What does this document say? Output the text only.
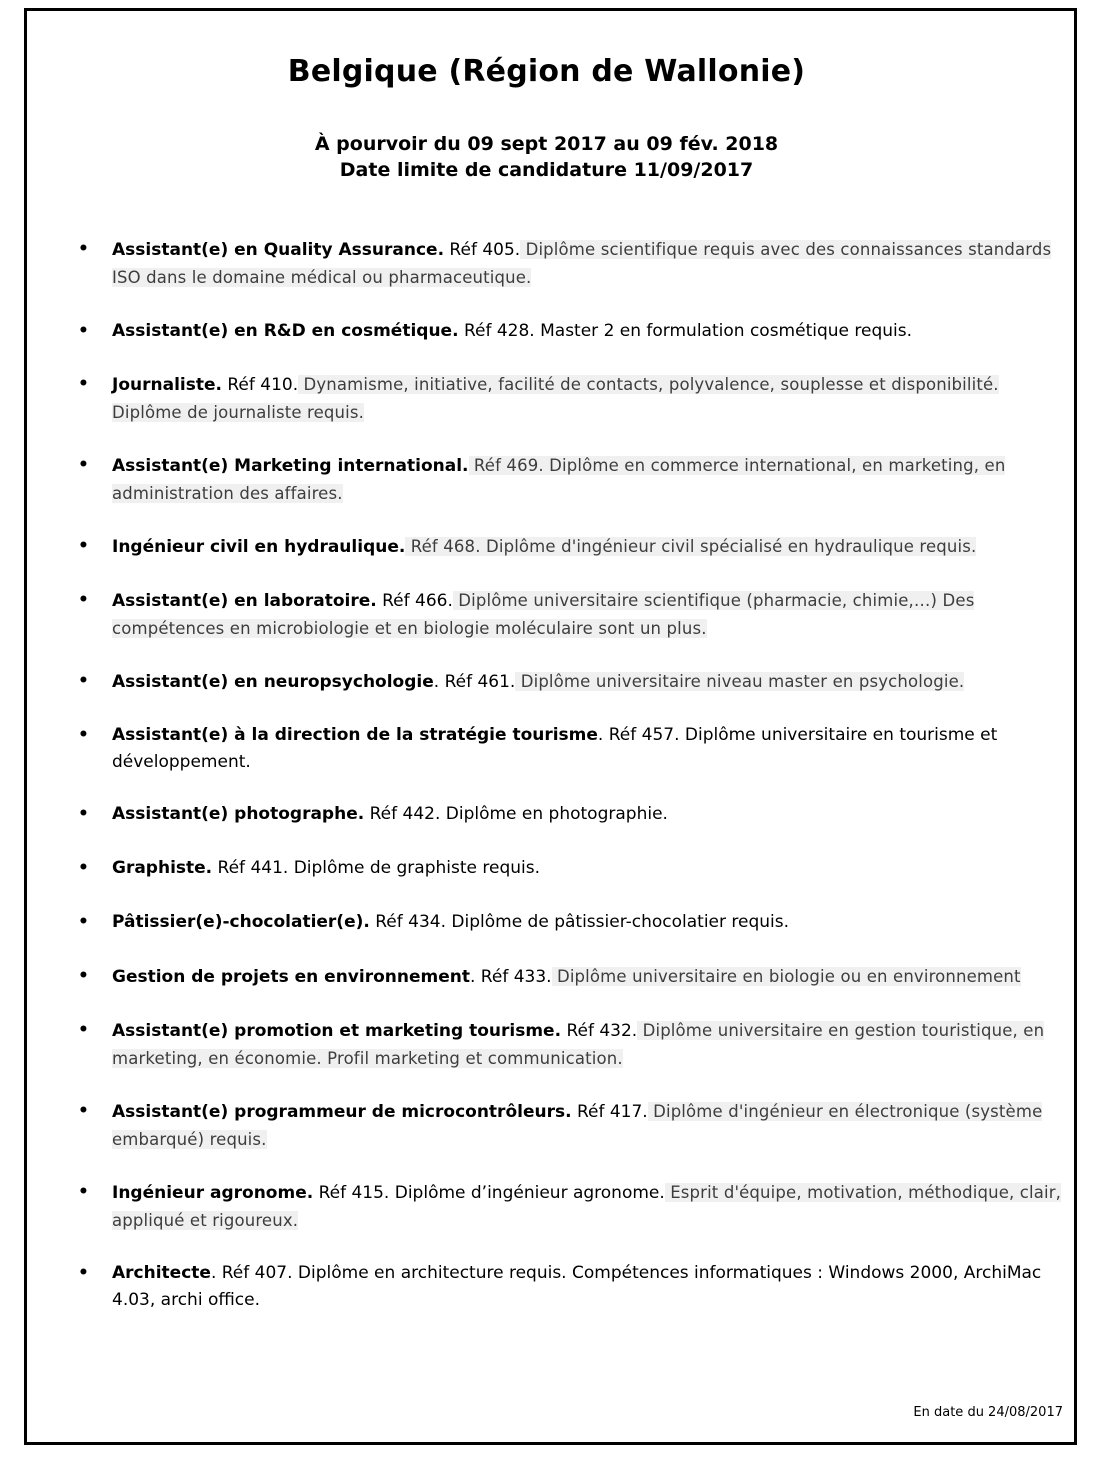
Belgique (Région de Wallonie)
À pourvoir du 09 sept 2017 au 09 fév. 2018
Date limite de candidature 11/09/2017
• Assistant(e) en Quality Assurance. Réf 405. Diplôme scientifique requis avec des connaissances standards ISO dans le domaine médical ou pharmaceutique.
• Assistant(e) en R&D en cosmétique. Réf 428. Master 2 en formulation cosmétique requis.
• Journaliste. Réf 410. Dynamisme, initiative, facilité de contacts, polyvalence, souplesse et disponibilité. Diplôme de journaliste requis.
• Assistant(e) Marketing international. Réf 469. Diplôme en commerce international, en marketing, en administration des affaires.
• Ingénieur civil en hydraulique. Réf 468. Diplôme d'ingénieur civil spécialisé en hydraulique requis.
• Assistant(e) en laboratoire. Réf 466. Diplôme universitaire scientifique (pharmacie, chimie,…) Des compétences en microbiologie et en biologie moléculaire sont un plus.
• Assistant(e) en neuropsychologie. Réf 461. Diplôme universitaire niveau master en psychologie.
• Assistant(e) à la direction de la stratégie tourisme. Réf 457. Diplôme universitaire en tourisme et développement.
• Assistant(e) photographe. Réf 442. Diplôme en photographie.
• Graphiste. Réf 441. Diplôme de graphiste requis.
• Pâtissier(e)-chocolatier(e). Réf 434. Diplôme de pâtissier-chocolatier requis.
• Gestion de projets en environnement. Réf 433. Diplôme universitaire en biologie ou en environnement
• Assistant(e) promotion et marketing tourisme. Réf 432. Diplôme universitaire en gestion touristique, en marketing, en économie. Profil marketing et communication.
• Assistant(e) programmeur de microcontrôleurs. Réf 417. Diplôme d'ingénieur en électronique (système embarqué) requis.
• Ingénieur agronome. Réf 415. Diplôme d’ingénieur agronome. Esprit d'équipe, motivation, méthodique, clair, appliqué et rigoureux.
• Architecte. Réf 407. Diplôme en architecture requis. Compétences informatiques : Windows 2000, ArchiMac 4.03, archi office.
En date du 24/08/2017
